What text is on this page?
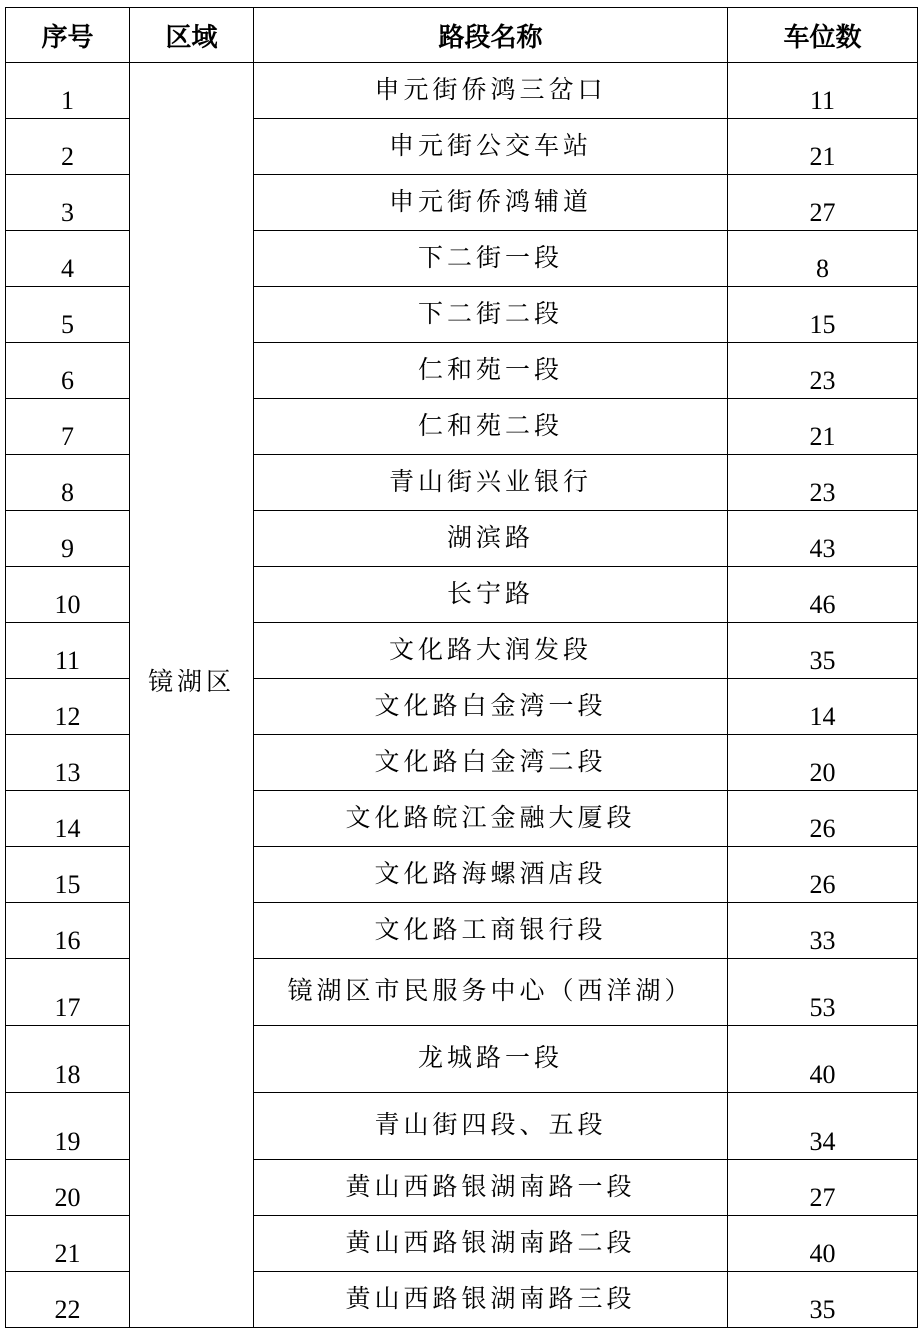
序号	区域	路段名称	车位数
1	镜湖区	申元街侨鸿三岔口	11
2		申元街公交车站	21
3		申元街侨鸿辅道	27
4		下二街一段	8
5		下二街二段	15
6		仁和苑一段	23
7		仁和苑二段	21
8		青山街兴业银行	23
9		湖滨路	43
10		长宁路	46
11		文化路大润发段	35
12		文化路白金湾一段	14
13		文化路白金湾二段	20
14		文化路皖江金融大厦段	26
15		文化路海螺酒店段	26
16		文化路工商银行段	33
17		镜湖区市民服务中心（西洋湖）	53
18		龙城路一段	40
19		青山街四段、五段	34
20		黄山西路银湖南路一段	27
21		黄山西路银湖南路二段	40
22		黄山西路银湖南路三段	35
